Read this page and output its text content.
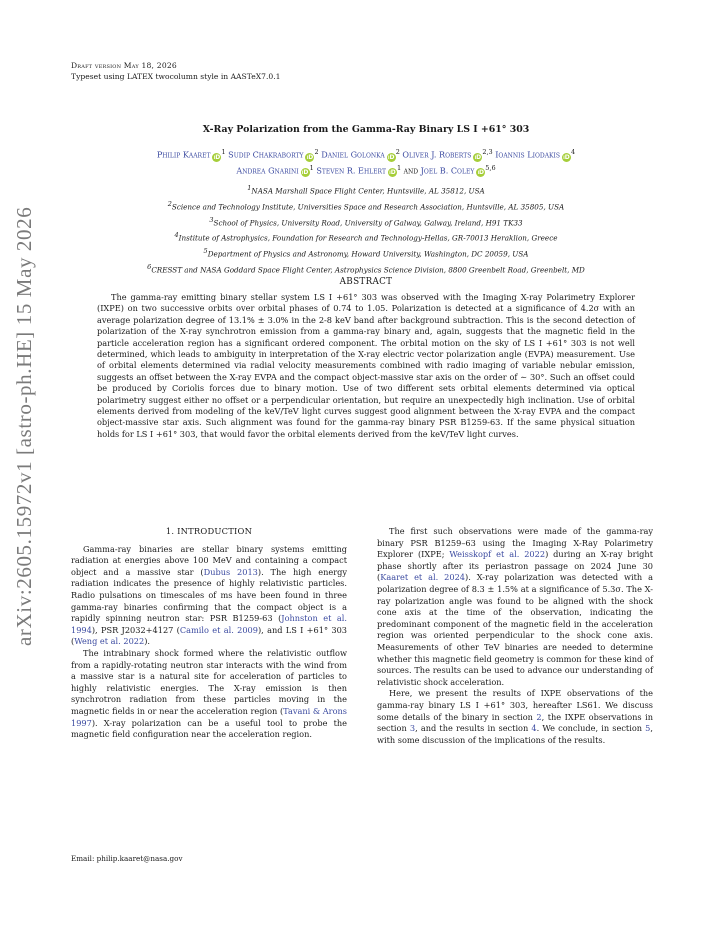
arXiv:2605.15972v1 [astro-ph.HE] 15 May 2026
Draft version May 18, 2026
Typeset using LATEX twocolumn style in AASTeX7.0.1
X-Ray Polarization from the Gamma-Ray Binary LS I +61° 303
Philip Kaaret $iD^1$ Sudip Chakraborty $iD^2$ Daniel Golonka $iD^2$ Oliver J. Roberts iD$^{2,3}$ Ioannis Liodakis $iD^4$
Andrea Gnarini $iD^1$ Steven R. Ehlert $iD^1$ and Joel B. Coley iD$^{5,6}$
$^1$NASA Marshall Space Flight Center, Huntsville, AL 35812, USA
$^2$Science and Technology Institute, Universities Space and Research Association, Huntsville, AL 35805, USA
$^3$School of Physics, University Road, University of Galway, Galway, Ireland, H91 TK33
$^4$Institute of Astrophysics, Foundation for Research and Technology-Hellas, GR-70013 Heraklion, Greece
$^5$Department of Physics and Astronomy, Howard University, Washington, DC 20059, USA
$^6$CRESST and NASA Goddard Space Flight Center, Astrophysics Science Division, 8800 Greenbelt Road, Greenbelt, MD
ABSTRACT

The gamma-ray emitting binary stellar system LS I +61° 303 was observed with the Imaging X-ray Polarimetry Explorer (IXPE) on two successive orbits over orbital phases of 0.74 to 1.05. Polarization is detected at a significance of 4.2σ with an average polarization degree of 13.1% ± 3.0% in the 2-8 keV band after background subtraction. This is the second detection of polarization of the X-ray synchrotron emission from a gamma-ray binary and, again, suggests that the magnetic field in the particle acceleration region has a significant ordered component. The orbital motion on the sky of LS I +61° 303 is not well determined, which leads to ambiguity in interpretation of the X-ray electric vector polarization angle (EVPA) measurement. Use of orbital elements determined via radial velocity measurements combined with radio imaging of variable nebular emission, suggests an offset between the X-ray EVPA and the compact object-massive star axis on the order of ∼ 30°. Such an offset could be produced by Coriolis forces due to binary motion. Use of two different sets orbital elements determined via optical polarimetry suggest either no offset or a perpendicular orientation, but require an unexpectedly high inclination. Use of orbital elements derived from modeling of the keV/TeV light curves suggest good alignment between the X-ray EVPA and the compact object-massive star axis. Such alignment was found for the gamma-ray binary PSR B1259-63. If the same physical situation holds for LS I +61° 303, that would favor the orbital elements derived from the keV/TeV light curves.

1. INTRODUCTION

Gamma-ray binaries are stellar binary systems emitting radiation at energies above 100 MeV and containing a compact object and a massive star (Dubus 2013). The high energy radiation indicates the presence of highly relativistic particles. Radio pulsations on timescales of ms have been found in three gamma-ray binaries confirming that the compact object is a rapidly spinning neutron star: PSR B1259-63 (Johnston et al. 1994), PSR J2032+4127 (Camilo et al. 2009), and LS I +61° 303 (Weng et al. 2022).

The intrabinary shock formed where the relativistic outflow from a rapidly-rotating neutron star interacts with the wind from a massive star is a natural site for acceleration of particles to highly relativistic energies. The X-ray emission is then synchrotron radiation from these particles moving in the magnetic fields in or near the acceleration region (Tavani & Arons 1997). X-ray polarization can be a useful tool to probe the magnetic field configuration near the acceleration region.

The first such observations were made of the gamma-ray binary PSR B1259–63 using the Imaging X-Ray Polarimetry Explorer (IXPE; Weisskopf et al. 2022) during an X-ray bright phase shortly after its periastron passage on 2024 June 30 (Kaaret et al. 2024). X-ray polarization was detected with a polarization degree of 8.3 ± 1.5% at a significance of 5.3σ. The X-ray polarization angle was found to be aligned with the shock cone axis at the time of the observation, indicating the predominant component of the magnetic field in the acceleration region was oriented perpendicular to the shock cone axis. Measurements of other TeV binaries are needed to determine whether this magnetic field geometry is common for these kind of sources. The results can be used to advance our understanding of relativistic shock acceleration.

Here, we present the results of IXPE observations of the gamma-ray binary LS I +61° 303, hereafter LS61. We discuss some details of the binary in section 2, the IXPE observations in section 3, and the results in section 4. We conclude, in section 5, with some discussion of the implications of the results.

Email: philip.kaaret@nasa.gov
